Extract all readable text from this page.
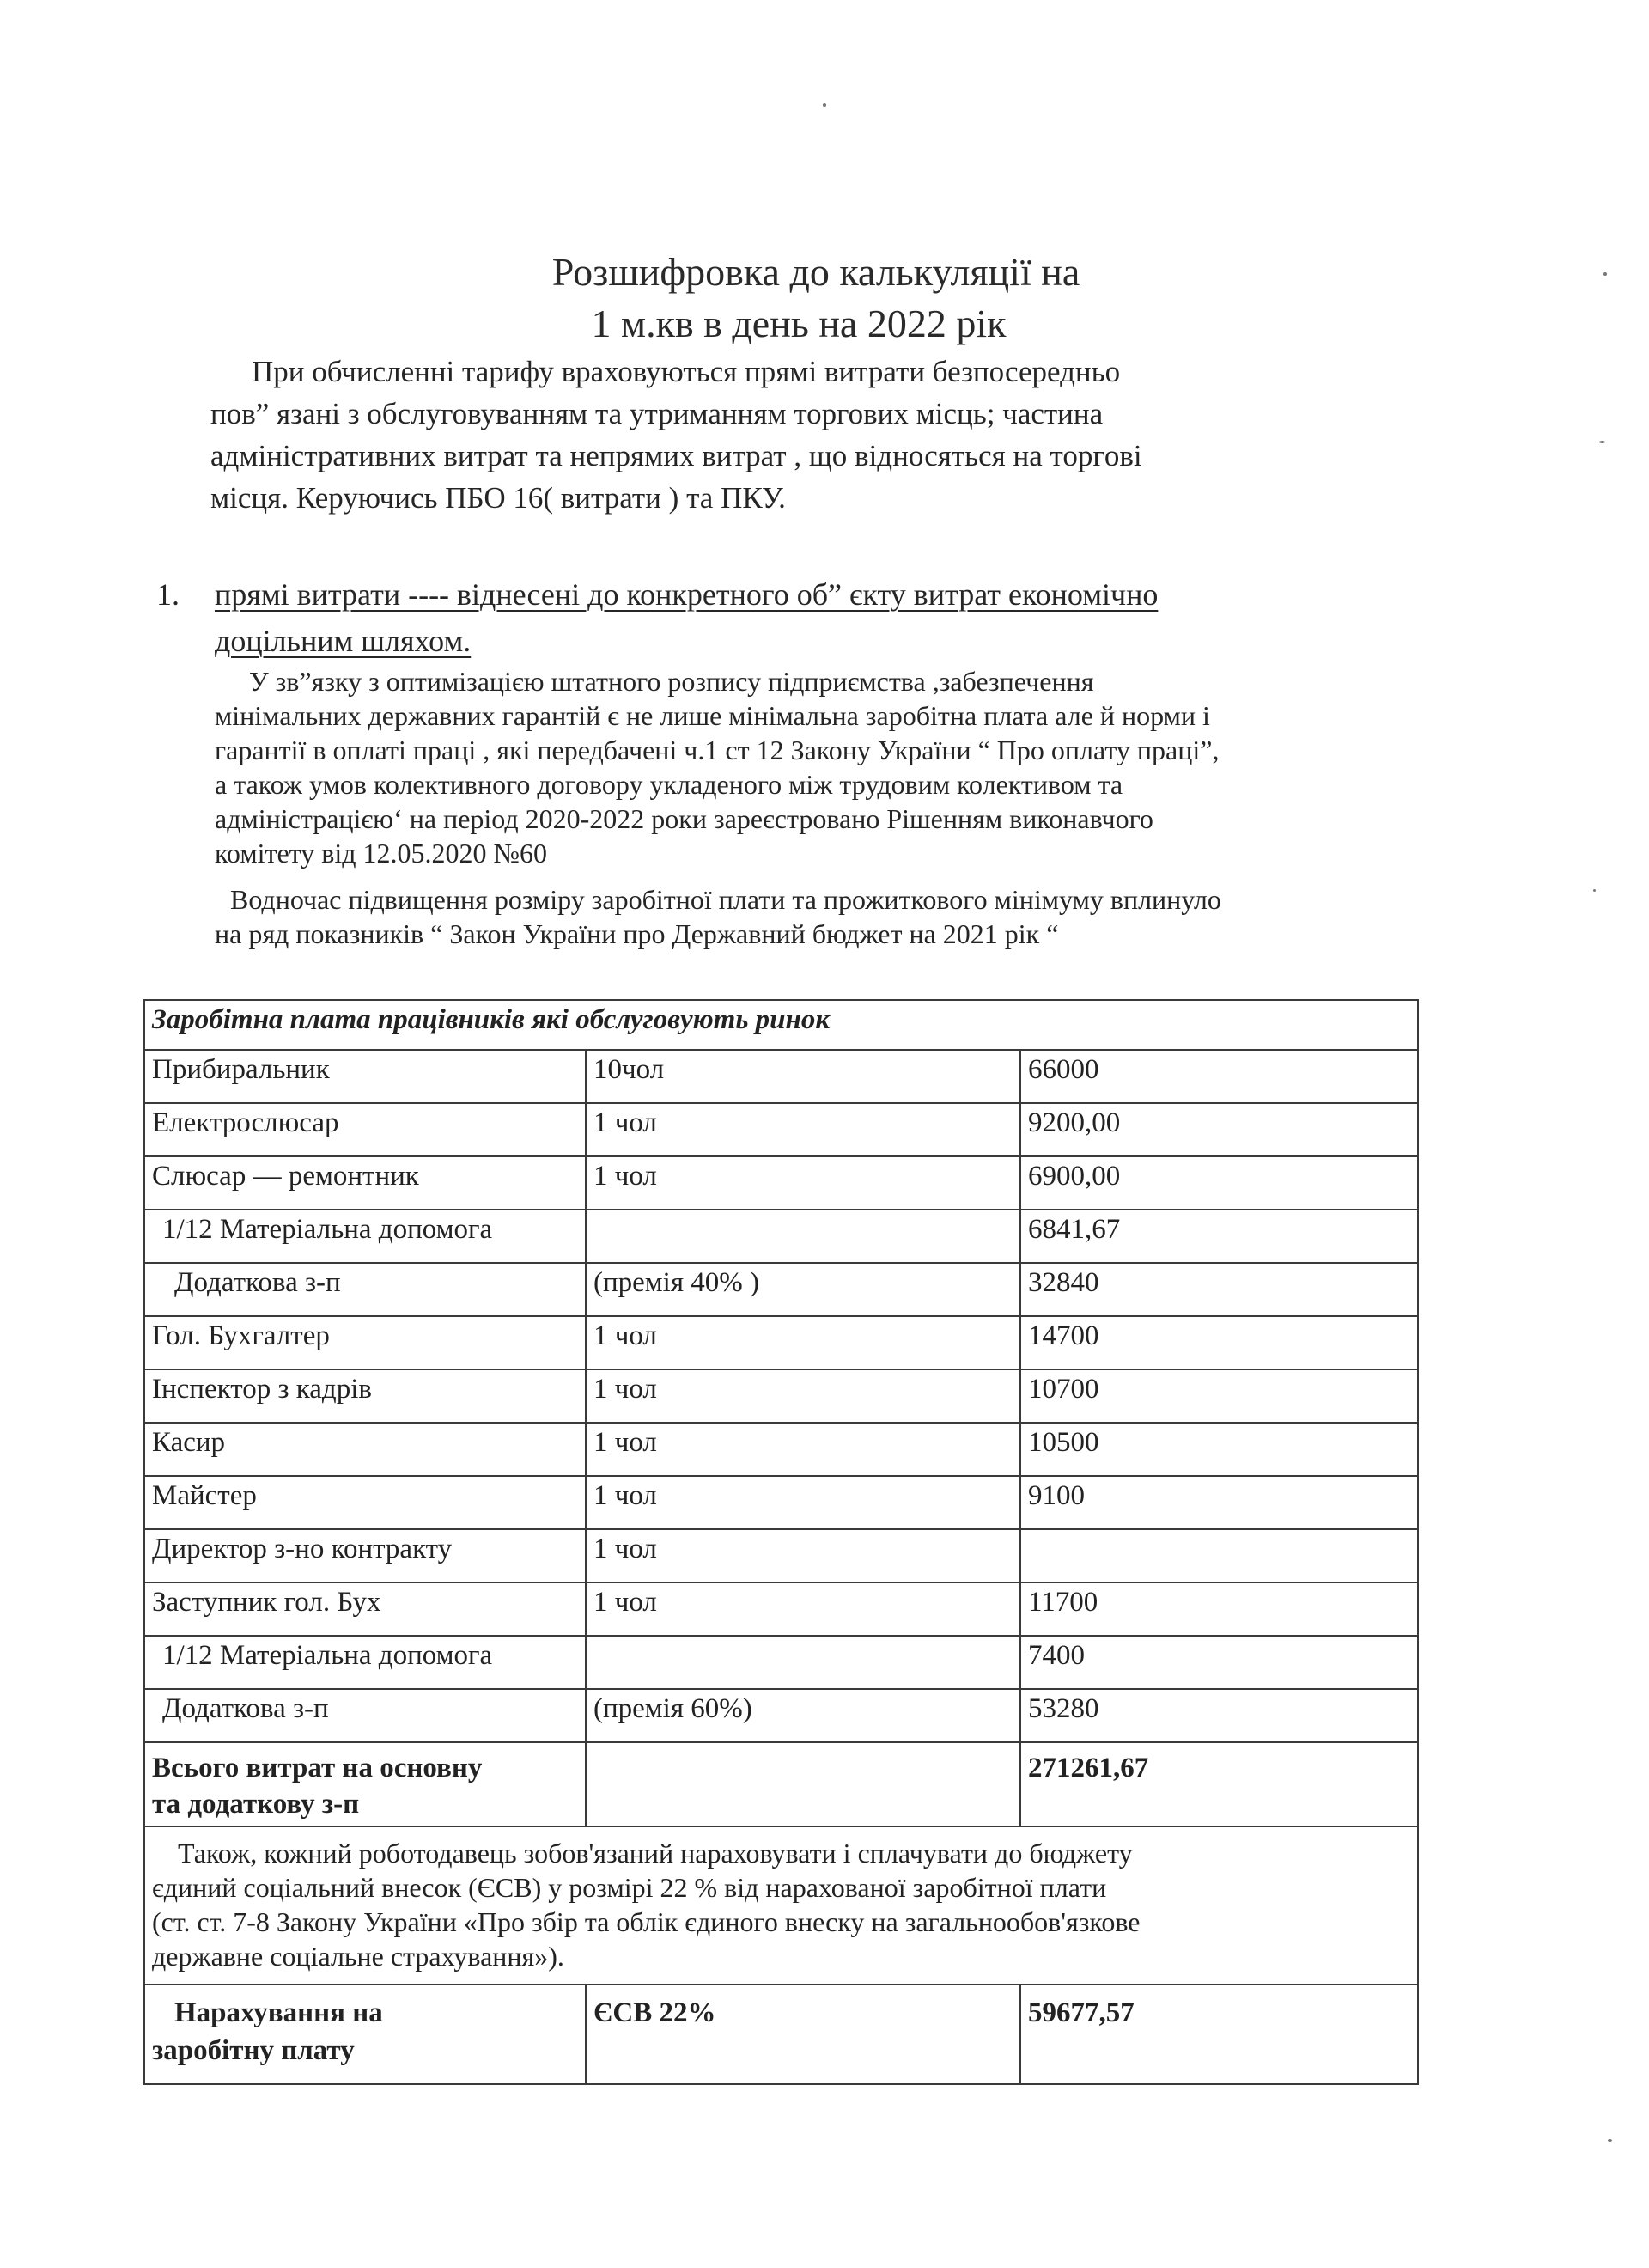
Розшифровка до калькуляції на
1 м.кв в день на 2022 рік
При обчисленні тарифу враховуються прямі витрати безпосередньо
пов” язані з обслуговуванням та утриманням торгових місць; частина
адміністративних витрат та непрямих витрат , що відносяться на торгові
місця. Керуючись ПБО 16( витрати ) та ПКУ.
1. прямі витрати ---- віднесені до конкретного об” єкту витрат економічно
доцільним шляхом.
У зв”язку з оптимізацією штатного розпису підприємства ,забезпечення
мінімальних державних гарантій є не лише мінімальна заробітна плата але й норми і
гарантії в оплаті праці , які передбачені ч.1 ст 12 Закону України “ Про оплату праці”,
а також умов колективного договору укладеного між трудовим колективом та
адміністрацієюʻ на період 2020-2022 роки зареєстровано Рішенням виконавчого
комітету від 12.05.2020 №60
Водночас підвищення розміру заробітної плати та прожиткового мінімуму вплинуло
на ряд показників “ Закон України про Державний бюджет на 2021 рік “
Заробітна плата працівників які обслуговують ринок		
Прибиральник	10чол	66000
Електрослюсар	1 чол	9200,00
Слюсар — ремонтник	1 чол	6900,00
1/12 Матеріальна допомога		6841,67
Додаткова з-п	(премія 40% )	32840
Гол. Бухгалтер	1 чол	14700
Інспектор з кадрів	1 чол	10700
Касир	1 чол	10500
Майстер	1 чол	9100
Директор з-но контракту	1 чол	
Заступник гол. Бух	1 чол	11700
1/12 Матеріальна допомога		7400
Додаткова з-п	(премія 60%)	53280

Всього витрат на основну
та додаткову з-п		271261,67

Також, кожний роботодавець зобов'язаний нараховувати і сплачувати до бюджету
єдиний соціальний внесок (ЄСВ) у розмірі 22 % від нарахованої заробітної плати
(ст. ст. 7-8 Закону України «Про збір та облік єдиного внеску на загальнообов'язкове
державне соціальне страхування»).		

Нарахування на
заробітну плату	ЄСВ 22%	59677,57
